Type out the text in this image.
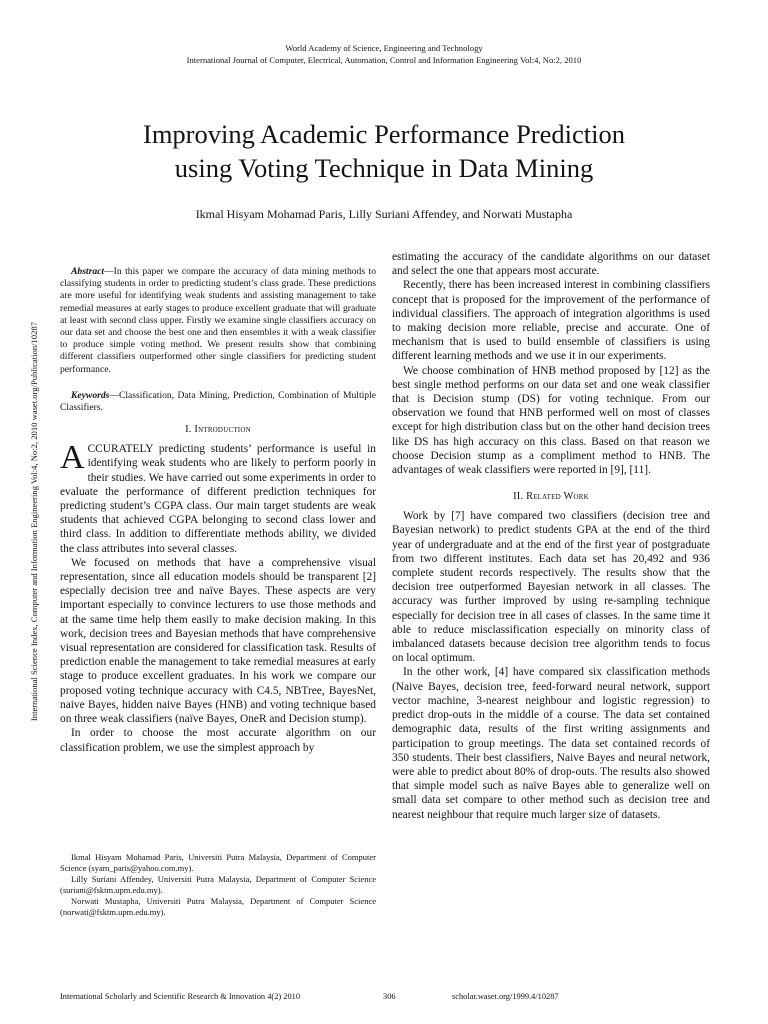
World Academy of Science, Engineering and Technology
International Journal of Computer, Electrical, Automation, Control and Information Engineering Vol:4, No:2, 2010
Improving Academic Performance Prediction
using Voting Technique in Data Mining
Ikmal Hisyam Mohamad Paris, Lilly Suriani Affendey, and Norwati Mustapha
International Science Index, Computer and Information Engineering Vol:4, No:2, 2010 waset.org/Publication/10287

Abstract—In this paper we compare the accuracy of data mining methods to classifying students in order to predicting student’s class grade. These predictions are more useful for identifying weak students and assisting management to take remedial measures at early stages to produce excellent graduate that will graduate at least with second class upper. Firstly we examine single classifiers accuracy on our data set and choose the best one and then ensembles it with a weak classifier to produce simple voting method. We present results show that combining different classifiers outperformed other single classifiers for predicting student performance.

Keywords—Classification, Data Mining, Prediction, Combination of Multiple Classifiers.

I. Introduction

ACCURATELY predicting students’ performance is useful in identifying weak students who are likely to perform poorly in their studies. We have carried out some experiments in order to evaluate the performance of different prediction techniques for predicting student’s CGPA class. Our main target students are weak students that achieved CGPA belonging to second class lower and third class. In addition to differentiate methods ability, we divided the class attributes into several classes.

We focused on methods that have a comprehensive visual representation, since all education models should be transparent [2] especially decision tree and naïve Bayes. These aspects are very important especially to convince lecturers to use those methods and at the same time help them easily to make decision making. In this work, decision trees and Bayesian methods that have comprehensive visual representation are considered for classification task. Results of prediction enable the management to take remedial measures at early stage to produce excellent graduates. In his work we compare our proposed voting technique accuracy with C4.5, NBTree, BayesNet, naive Bayes, hidden naive Bayes (HNB) and voting technique based on three weak classifiers (naïve Bayes, OneR and Decision stump).

In order to choose the most accurate algorithm on our classification problem, we use the simplest approach by

Ikmal Hisyam Mohamad Paris, Universiti Putra Malaysia, Department of Computer Science (syam_paris@yahoo.com.my).

Lilly Suriani Affendey, Universiti Putra Malaysia, Department of Computer Science (suriani@fsktm.upm.edu.my).

Norwati Mustapha, Universiti Putra Malaysia, Department of Computer Science (norwati@fsktm.upm.edu.my).

estimating the accuracy of the candidate algorithms on our dataset and select the one that appears most accurate.

Recently, there has been increased interest in combining classifiers concept that is proposed for the improvement of the performance of individual classifiers. The approach of integration algorithms is used to making decision more reliable, precise and accurate. One of mechanism that is used to build ensemble of classifiers is using different learning methods and we use it in our experiments.

We choose combination of HNB method proposed by [12] as the best single method performs on our data set and one weak classifier that is Decision stump (DS) for voting technique. From our observation we found that HNB performed well on most of classes except for high distribution class but on the other hand decision trees like DS has high accuracy on this class. Based on that reason we choose Decision stump as a compliment method to HNB. The advantages of weak classifiers were reported in [9], [11].

II. Related Work

Work by [7] have compared two classifiers (decision tree and Bayesian network) to predict students GPA at the end of the third year of undergraduate and at the end of the first year of postgraduate from two different institutes. Each data set has 20,492 and 936 complete student records respectively. The results show that the decision tree outperformed Bayesian network in all classes. The accuracy was further improved by using re-sampling technique especially for decision tree in all cases of classes. In the same time it able to reduce misclassification especially on minority class of imbalanced datasets because decision tree algorithm tends to focus on local optimum.

In the other work, [4] have compared six classification methods (Naive Bayes, decision tree, feed-forward neural network, support vector machine, 3-nearest neighbour and logistic regression) to predict drop-outs in the middle of a course. The data set contained demographic data, results of the first writing assignments and participation to group meetings. The data set contained records of 350 students. Their best classifiers, Naive Bayes and neural network, were able to predict about 80% of drop-outs. The results also showed that simple model such as naïve Bayes able to generalize well on small data set compare to other method such as decision tree and nearest neighbour that require much larger size of datasets.

International Scholarly and Scientific Research & Innovation 4(2) 2010	306	scholar.waset.org/1999.4/10287
